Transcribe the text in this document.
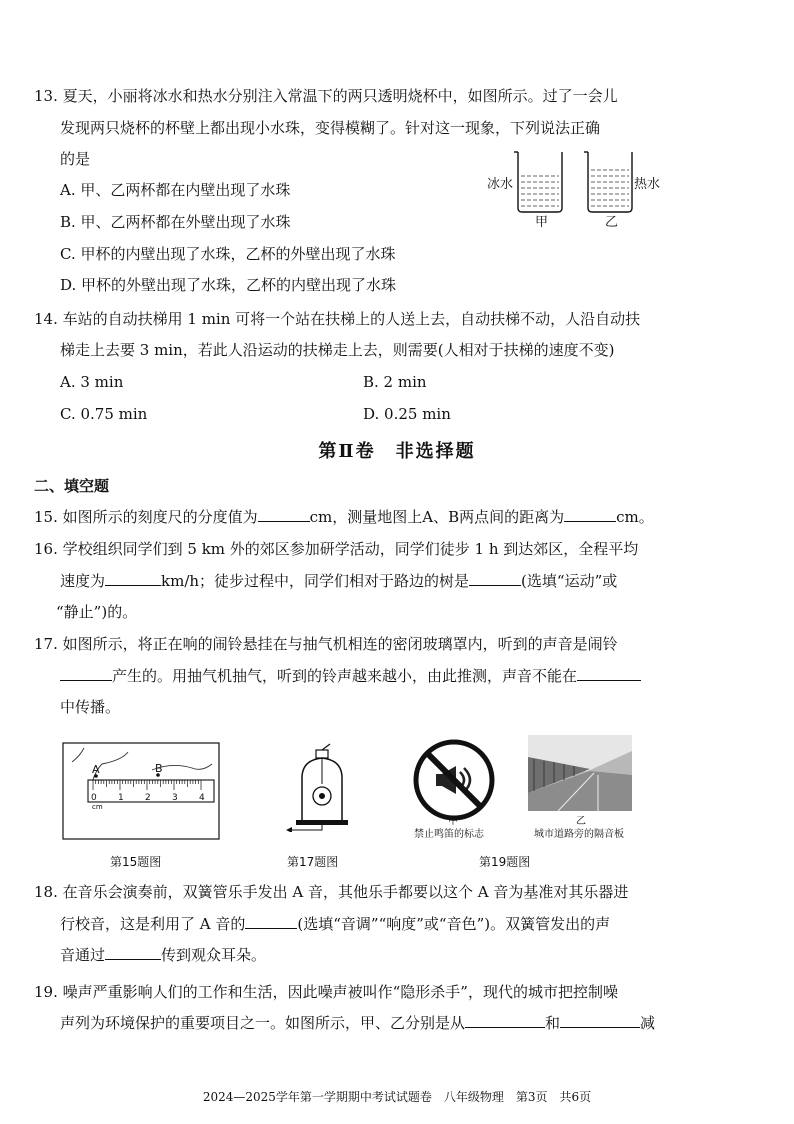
13. 夏天，小丽将冰水和热水分别注入常温下的两只透明烧杯中，如图所示。过了一会儿
发现两只烧杯的杯壁上都出现小水珠，变得模糊了。针对这一现象，下列说法正确
的是
A. 甲、乙两杯都在内壁出现了水珠
B. 甲、乙两杯都在外壁出现了水珠
C. 甲杯的内壁出现了水珠，乙杯的外壁出现了水珠
D. 甲杯的外壁出现了水珠，乙杯的内壁出现了水珠
冰水	热水
甲	乙
14. 车站的自动扶梯用 1 min 可将一个站在扶梯上的人送上去，自动扶梯不动，人沿自动扶
梯走上去要 3 min，若此人沿运动的扶梯走上去，则需要(人相对于扶梯的速度不变)
A. 3 min	B. 2 min
C. 0.75 min	D. 0.25 min
第Ⅱ卷　非选择题
二、填空题
15. 如图所示的刻度尺的分度值为	cm，测量地图上A、B两点间的距离为	cm。
16. 学校组织同学们到 5 km 外的郊区参加研学活动，同学们徒步 1 h 到达郊区，全程平均
速度为	km/h；徒步过程中，同学们相对于路边的树是	(选填“运动”或
“静止”)的。
17. 如图所示，将正在响的闹铃悬挂在与抽气机相连的密闭玻璃罩内，听到的声音是闹铃
产生的。用抽气机抽气，听到的铃声越来越小，由此推测，声音不能在
中传播。
A	B
0 1 2 3 4
cm
第15题图	第17题图
甲
禁止鸣笛的标志
乙
城市道路旁的隔音板
第19题图
18. 在音乐会演奏前，双簧管乐手发出 A 音，其他乐手都要以这个 A 音为基准对其乐器进
行校音，这是利用了 A 音的	(选填“音调”“响度”或“音色”)。双簧管发出的声
音通过	传到观众耳朵。
19. 噪声严重影响人们的工作和生活，因此噪声被叫作“隐形杀手”，现代的城市把控制噪
声列为环境保护的重要项目之一。如图所示，甲、乙分别是从	和	减
2024—2025学年第一学期期中考试试题卷　八年级物理　第3页　共6页
